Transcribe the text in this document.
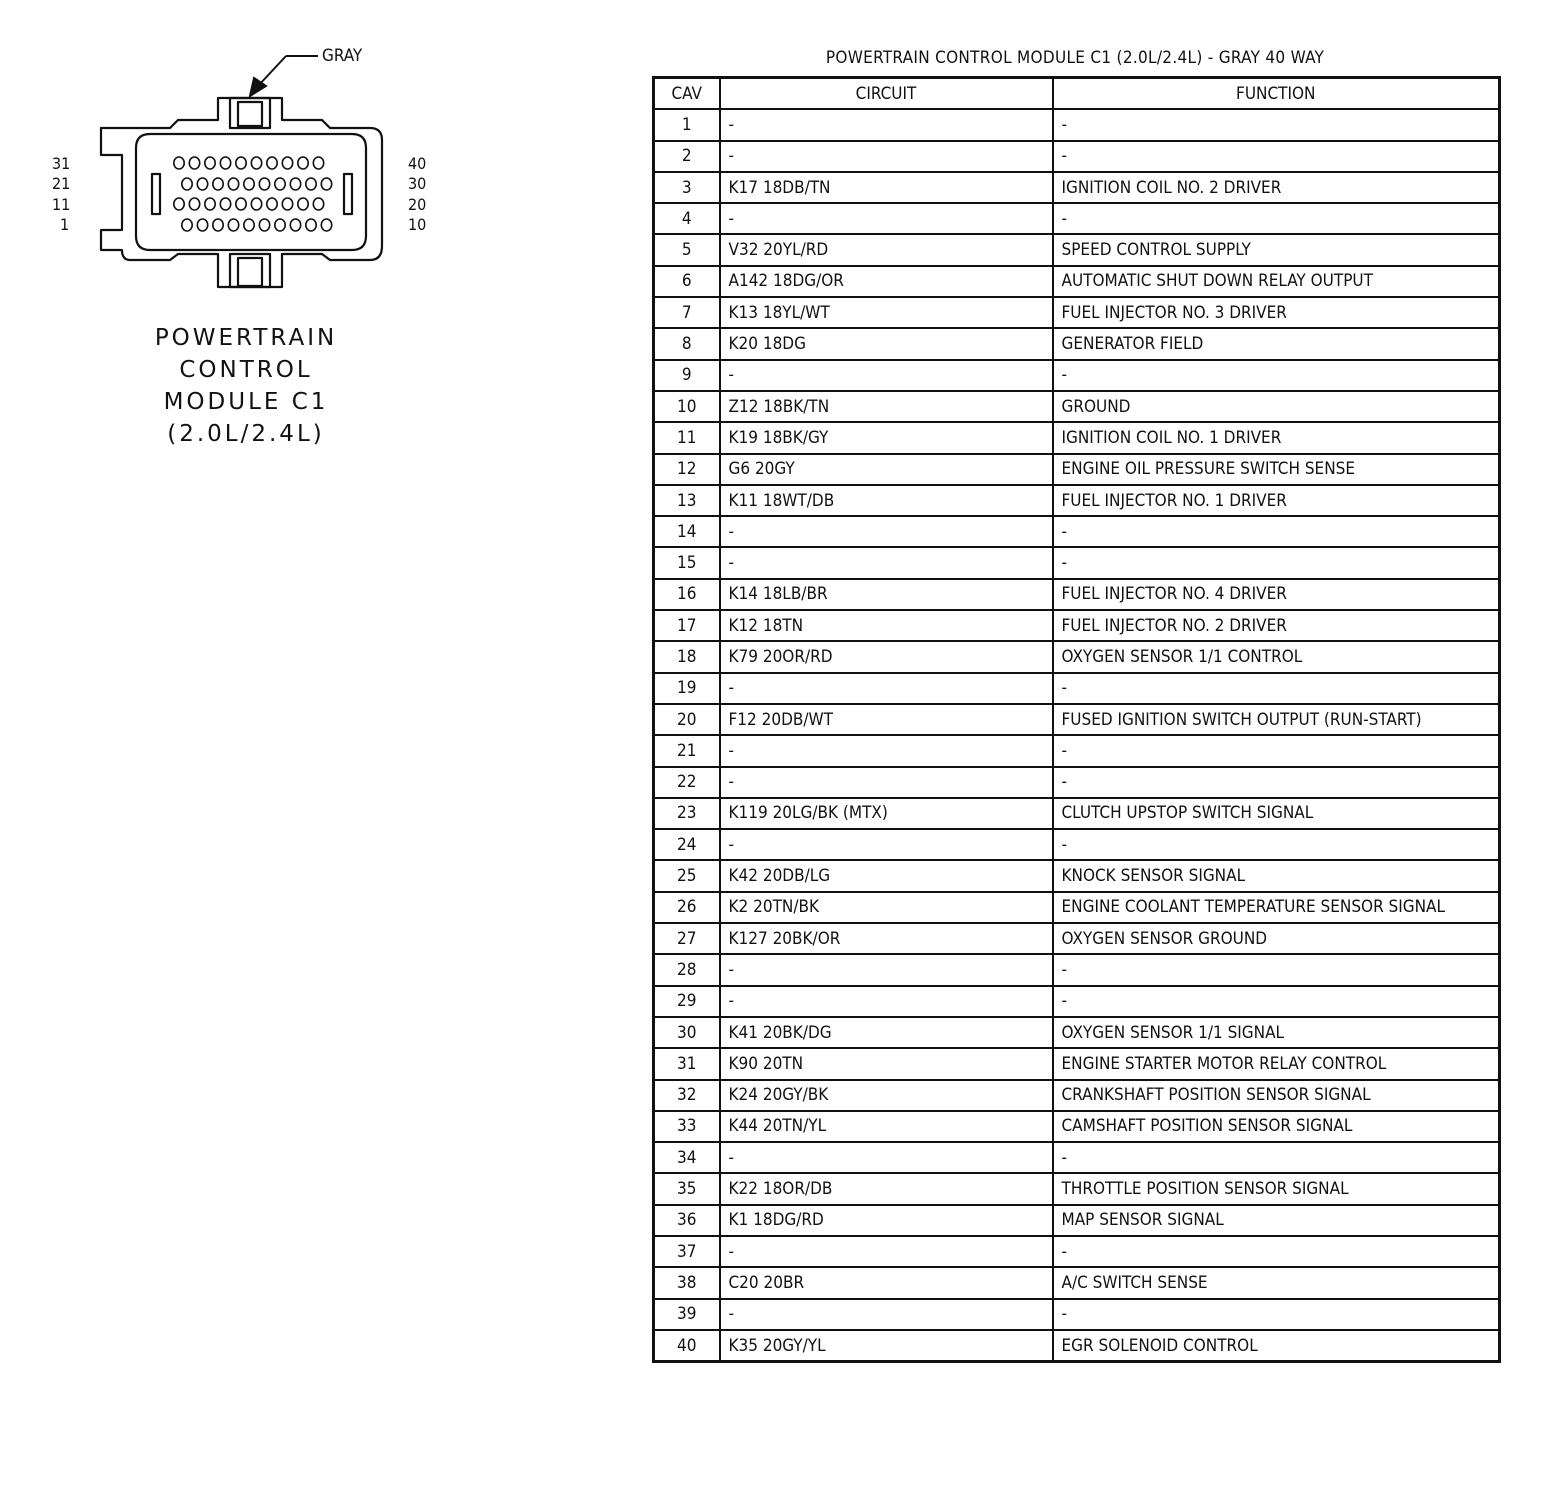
GRAY
31
21
11
1
40
30
20
10
POWERTRAIN
CONTROL
MODULE C1
(2.0L/2.4L)
POWERTRAIN CONTROL MODULE C1 (2.0L/2.4L) - GRAY 40 WAY
CAV	CIRCUIT	FUNCTION
1	-	-
2	-	-
3	K17 18DB/TN	IGNITION COIL NO. 2 DRIVER
4	-	-
5	V32 20YL/RD	SPEED CONTROL SUPPLY
6	A142 18DG/OR	AUTOMATIC SHUT DOWN RELAY OUTPUT
7	K13 18YL/WT	FUEL INJECTOR NO. 3 DRIVER
8	K20 18DG	GENERATOR FIELD
9	-	-
10	Z12 18BK/TN	GROUND
11	K19 18BK/GY	IGNITION COIL NO. 1 DRIVER
12	G6 20GY	ENGINE OIL PRESSURE SWITCH SENSE
13	K11 18WT/DB	FUEL INJECTOR NO. 1 DRIVER
14	-	-
15	-	-
16	K14 18LB/BR	FUEL INJECTOR NO. 4 DRIVER
17	K12 18TN	FUEL INJECTOR NO. 2 DRIVER
18	K79 20OR/RD	OXYGEN SENSOR 1/1 CONTROL
19	-	-
20	F12 20DB/WT	FUSED IGNITION SWITCH OUTPUT (RUN-START)
21	-	-
22	-	-
23	K119 20LG/BK (MTX)	CLUTCH UPSTOP SWITCH SIGNAL
24	-	-
25	K42 20DB/LG	KNOCK SENSOR SIGNAL
26	K2 20TN/BK	ENGINE COOLANT TEMPERATURE SENSOR SIGNAL
27	K127 20BK/OR	OXYGEN SENSOR GROUND
28	-	-
29	-	-
30	K41 20BK/DG	OXYGEN SENSOR 1/1 SIGNAL
31	K90 20TN	ENGINE STARTER MOTOR RELAY CONTROL
32	K24 20GY/BK	CRANKSHAFT POSITION SENSOR SIGNAL
33	K44 20TN/YL	CAMSHAFT POSITION SENSOR SIGNAL
34	-	-
35	K22 18OR/DB	THROTTLE POSITION SENSOR SIGNAL
36	K1 18DG/RD	MAP SENSOR SIGNAL
37	-	-
38	C20 20BR	A/C SWITCH SENSE
39	-	-
40	K35 20GY/YL	EGR SOLENOID CONTROL
